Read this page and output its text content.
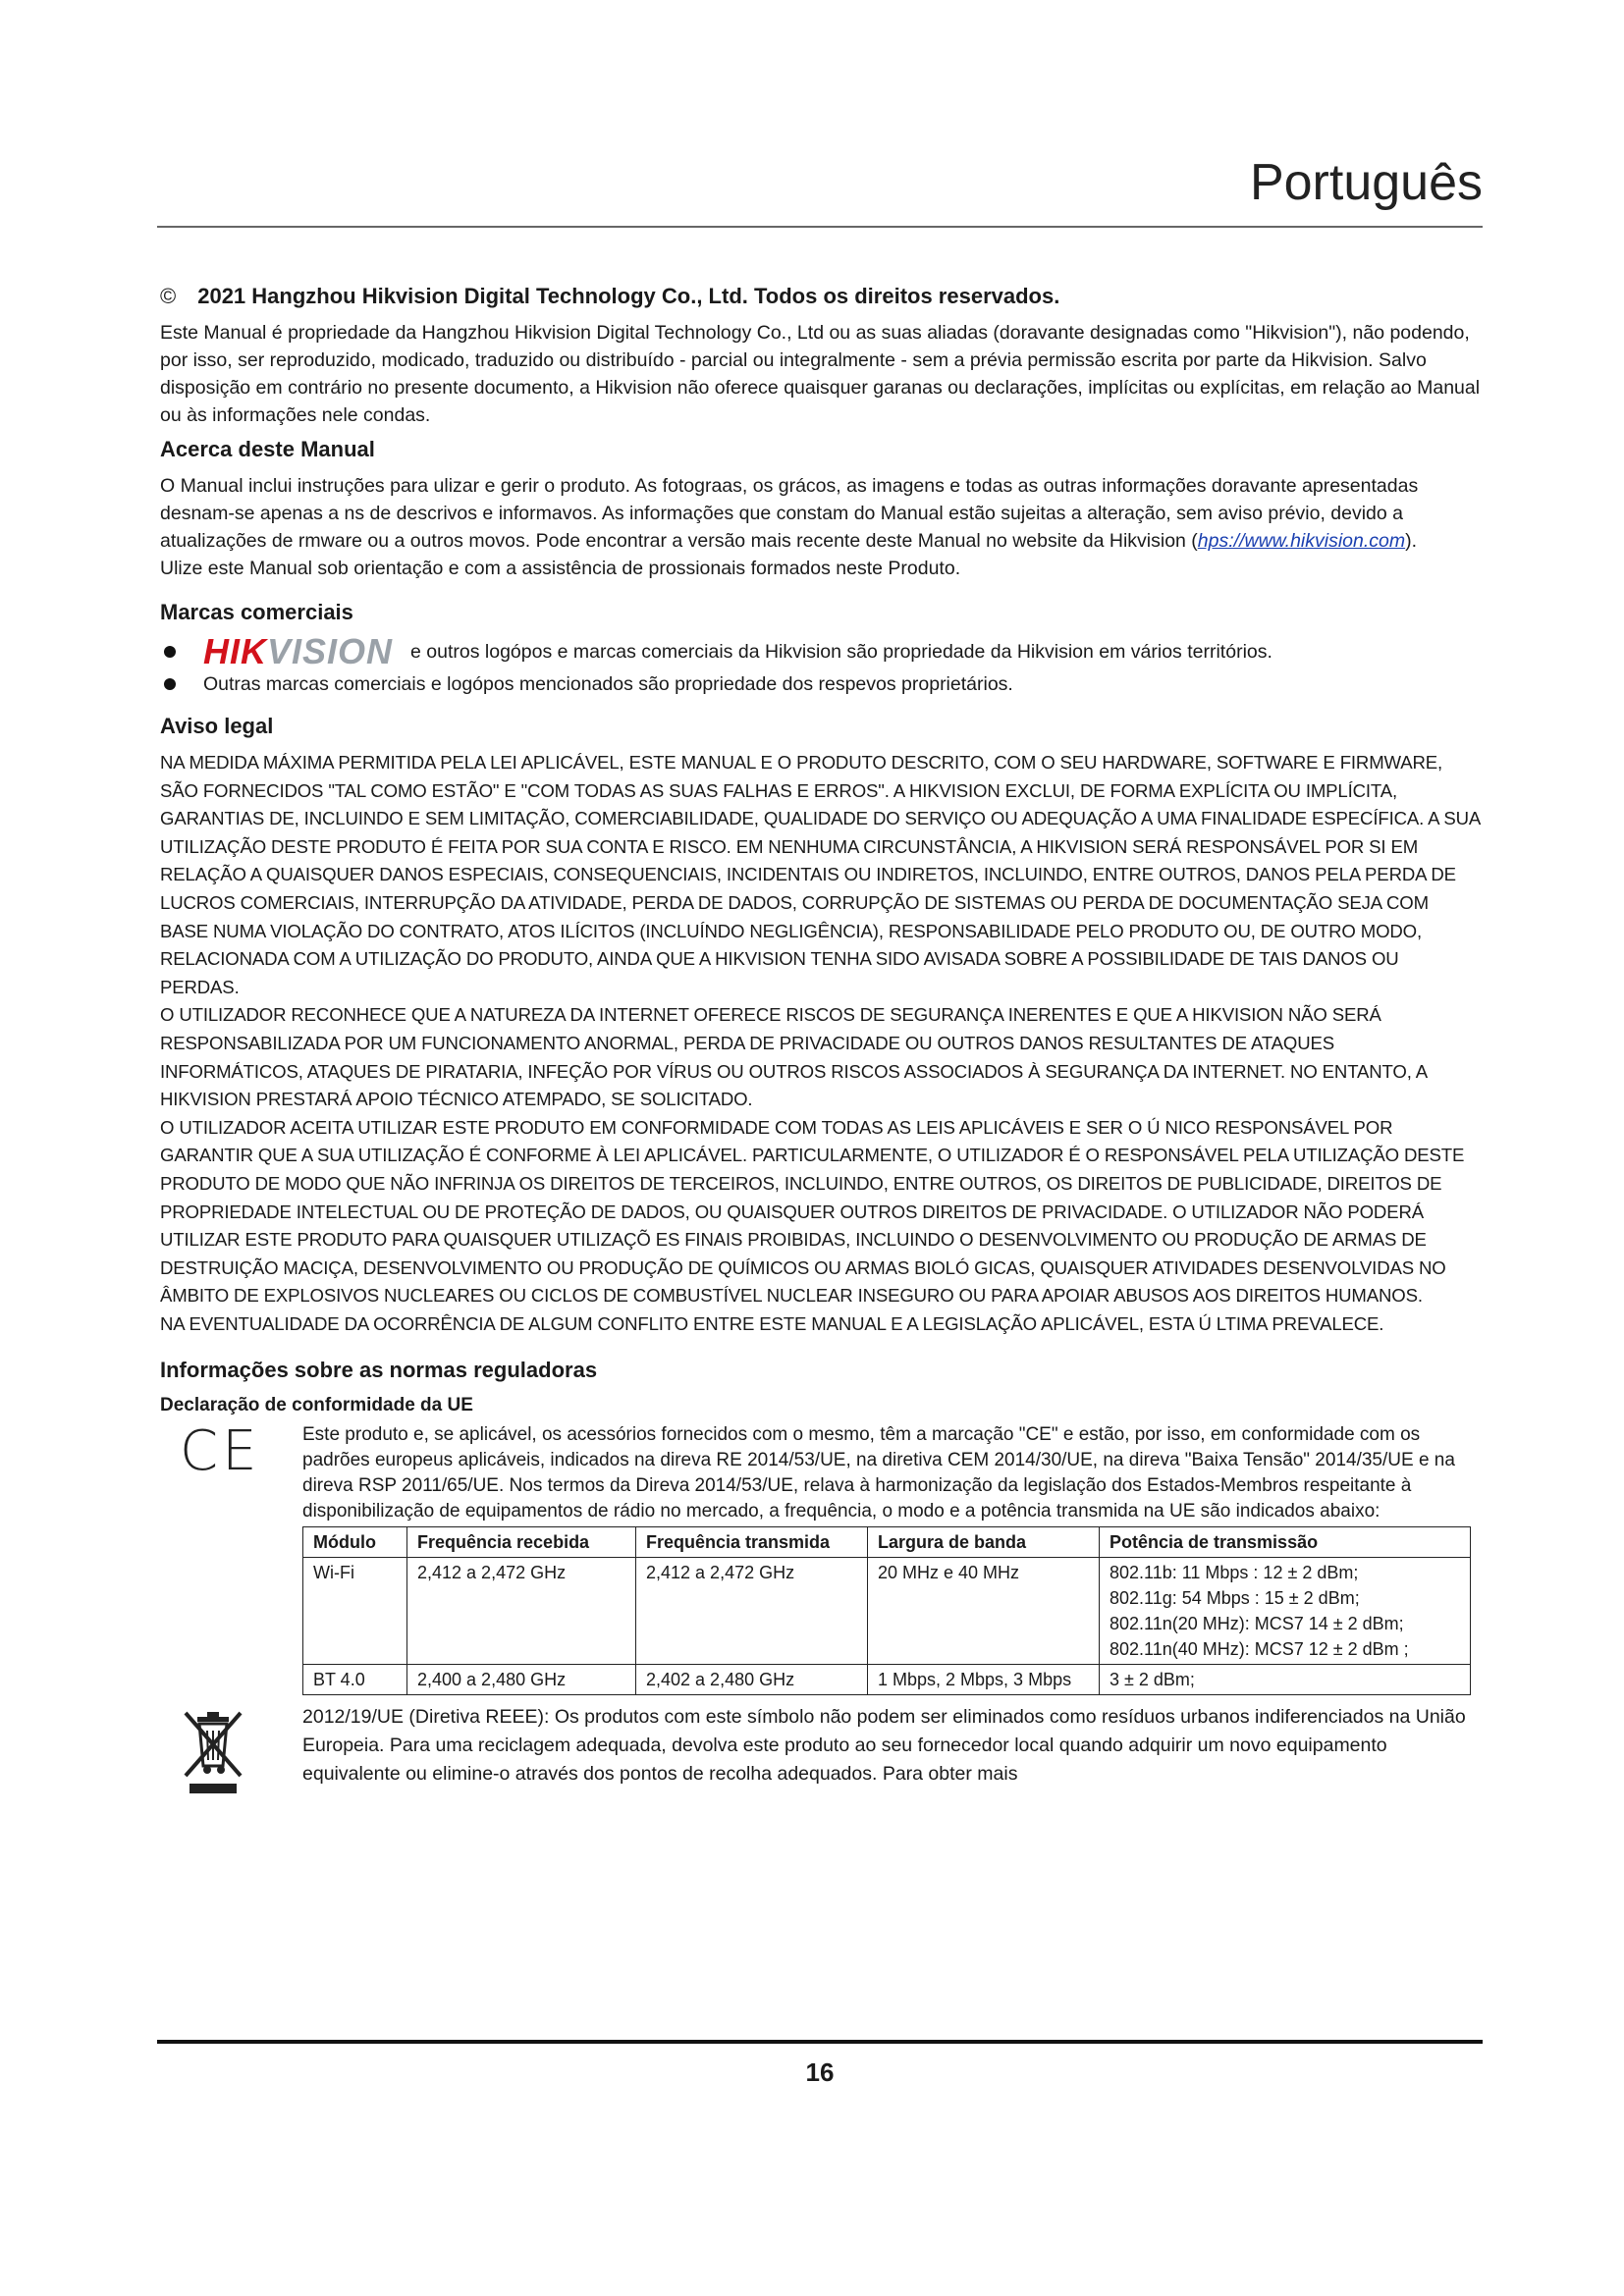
Português
© 2021 Hangzhou Hikvision Digital Technology Co., Ltd. Todos os direitos reservados.

Este Manual é propriedade da Hangzhou Hikvision Digital Technology Co., Ltd ou as suas aliadas (doravante designadas como "Hikvision"), não podendo, por isso, ser reproduzido, modicado, traduzido ou distribuído - parcial ou integralmente - sem a prévia permissão escrita por parte da Hikvision. Salvo disposição em contrário no presente documento, a Hikvision não oferece quaisquer garanas ou declarações, implícitas ou explícitas, em relação ao Manual ou às informações nele condas.

Acerca deste Manual

O Manual inclui instruções para ulizar e gerir o produto. As fotograas, os grácos, as imagens e todas as outras informações doravante apresentadas desnam-se apenas a ns de descrivos e informavos. As informações que constam do Manual estão sujeitas a alteração, sem aviso prévio, devido a atualizações de rmware ou a outros movos. Pode encontrar a versão mais recente deste Manual no website da Hikvision (hps://www.hikvision.com).

Ulize este Manual sob orientação e com a assistência de prossionais formados neste Produto.

Marcas comerciais
HIKVISION e outros logópos e marcas comerciais da Hikvision são propriedade da Hikvision em vários territórios.
Outras marcas comerciais e logópos mencionados são propriedade dos respevos proprietários.
Aviso legal

NA MEDIDA MÁXIMA PERMITIDA PELA LEI APLICÁVEL, ESTE MANUAL E O PRODUTO DESCRITO, COM O SEU HARDWARE, SOFTWARE E FIRMWARE, SÃO FORNECIDOS "TAL COMO ESTÃO" E "COM TODAS AS SUAS FALHAS E ERROS". A HIKVISION EXCLUI, DE FORMA EXPLÍCITA OU IMPLÍCITA, GARANTIAS DE, INCLUINDO E SEM LIMITAÇÃO, COMERCIABILIDADE, QUALIDADE DO SERVIÇO OU ADEQUAÇÃO A UMA FINALIDADE ESPECÍFICA. A SUA UTILIZAÇÃO DESTE PRODUTO É FEITA POR SUA CONTA E RISCO. EM NENHUMA CIRCUNSTÂNCIA, A HIKVISION SERÁ RESPONSÁVEL POR SI EM RELAÇÃO A QUAISQUER DANOS ESPECIAIS, CONSEQUENCIAIS, INCIDENTAIS OU INDIRETOS, INCLUINDO, ENTRE OUTROS, DANOS PELA PERDA DE LUCROS COMERCIAIS, INTERRUPÇÃO DA ATIVIDADE, PERDA DE DADOS, CORRUPÇÃO DE SISTEMAS OU PERDA DE DOCUMENTAÇÃO SEJA COM BASE NUMA VIOLAÇÃO DO CONTRATO, ATOS ILÍCITOS (INCLUÍNDO NEGLIGÊNCIA), RESPONSABILIDADE PELO PRODUTO OU, DE OUTRO MODO, RELACIONADA COM A UTILIZAÇÃO DO PRODUTO, AINDA QUE A HIKVISION TENHA SIDO AVISADA SOBRE A POSSIBILIDADE DE TAIS DANOS OU PERDAS.

O UTILIZADOR RECONHECE QUE A NATUREZA DA INTERNET OFERECE RISCOS DE SEGURANÇA INERENTES E QUE A HIKVISION NÃO SERÁ RESPONSABILIZADA POR UM FUNCIONAMENTO ANORMAL, PERDA DE PRIVACIDADE OU OUTROS DANOS RESULTANTES DE ATAQUES INFORMÁTICOS, ATAQUES DE PIRATARIA, INFEÇÃO POR VÍRUS OU OUTROS RISCOS ASSOCIADOS À SEGURANÇA DA INTERNET. NO ENTANTO, A HIKVISION PRESTARÁ APOIO TÉCNICO ATEMPADO, SE SOLICITADO.

O UTILIZADOR ACEITA UTILIZAR ESTE PRODUTO EM CONFORMIDADE COM TODAS AS LEIS APLICÁVEIS E SER O Ú NICO RESPONSÁVEL POR GARANTIR QUE A SUA UTILIZAÇÃO É CONFORME À LEI APLICÁVEL. PARTICULARMENTE, O UTILIZADOR É O RESPONSÁVEL PELA UTILIZAÇÃO DESTE PRODUTO DE MODO QUE NÃO INFRINJA OS DIREITOS DE TERCEIROS, INCLUINDO, ENTRE OUTROS, OS DIREITOS DE PUBLICIDADE, DIREITOS DE PROPRIEDADE INTELECTUAL OU DE PROTEÇÃO DE DADOS, OU QUAISQUER OUTROS DIREITOS DE PRIVACIDADE. O UTILIZADOR NÃO PODERÁ UTILIZAR ESTE PRODUTO PARA QUAISQUER UTILIZAÇÕ ES FINAIS PROIBIDAS, INCLUINDO O DESENVOLVIMENTO OU PRODUÇÃO DE ARMAS DE DESTRUIÇÃO MACIÇA, DESENVOLVIMENTO OU PRODUÇÃO DE QUÍMICOS OU ARMAS BIOLÓ GICAS, QUAISQUER ATIVIDADES DESENVOLVIDAS NO ÂMBITO DE EXPLOSIVOS NUCLEARES OU CICLOS DE COMBUSTÍVEL NUCLEAR INSEGURO OU PARA APOIAR ABUSOS AOS DIREITOS HUMANOS.

NA EVENTUALIDADE DA OCORRÊNCIA DE ALGUM CONFLITO ENTRE ESTE MANUAL E A LEGISLAÇÃO APLICÁVEL, ESTA Ú LTIMA PREVALECE.

Informações sobre as normas reguladoras
Declaração de conformidade da UE
CE	Este produto e, se aplicável, os acessórios fornecidos com o mesmo, têm a marcação "CE" e estão, por isso, em conformidade com os padrões europeus aplicáveis, indicados na direva RE 2014/53/UE, na diretiva CEM 2014/30/UE, na direva "Baixa Tensão" 2014/35/UE e na direva RSP 2011/65/UE. Nos termos da Direva 2014/53/UE, relava à harmonização da legislação dos Estados-Membros respeitante à disponibilização de equipamentos de rádio no mercado, a frequência, o modo e a potência transmida na UE são indicados abaixo:

Módulo	Frequência recebida	Frequência transmida	Largura de banda	Potência de transmissão
Wi-Fi	2,412 a 2,472 GHz	2,412 a 2,472 GHz	20 MHz e 40 MHz	802.11b: 11 Mbps : 12 ± 2 dBm;
802.11g: 54 Mbps : 15 ± 2 dBm;
802.11n(20 MHz): MCS7 14 ± 2 dBm;
802.11n(40 MHz): MCS7 12 ± 2 dBm ;

BT 4.0	2,400 a 2,480 GHz	2,402 a 2,480 GHz	1 Mbps, 2 Mbps, 3 Mbps	3 ± 2 dBm;

2012/19/UE (Diretiva REEE): Os produtos com este símbolo não podem ser eliminados como resíduos urbanos indiferenciados na União Europeia. Para uma reciclagem adequada, devolva este produto ao seu fornecedor local quando adquirir um novo equipamento equivalente ou elimine-o através dos pontos de recolha adequados. Para obter mais

16
